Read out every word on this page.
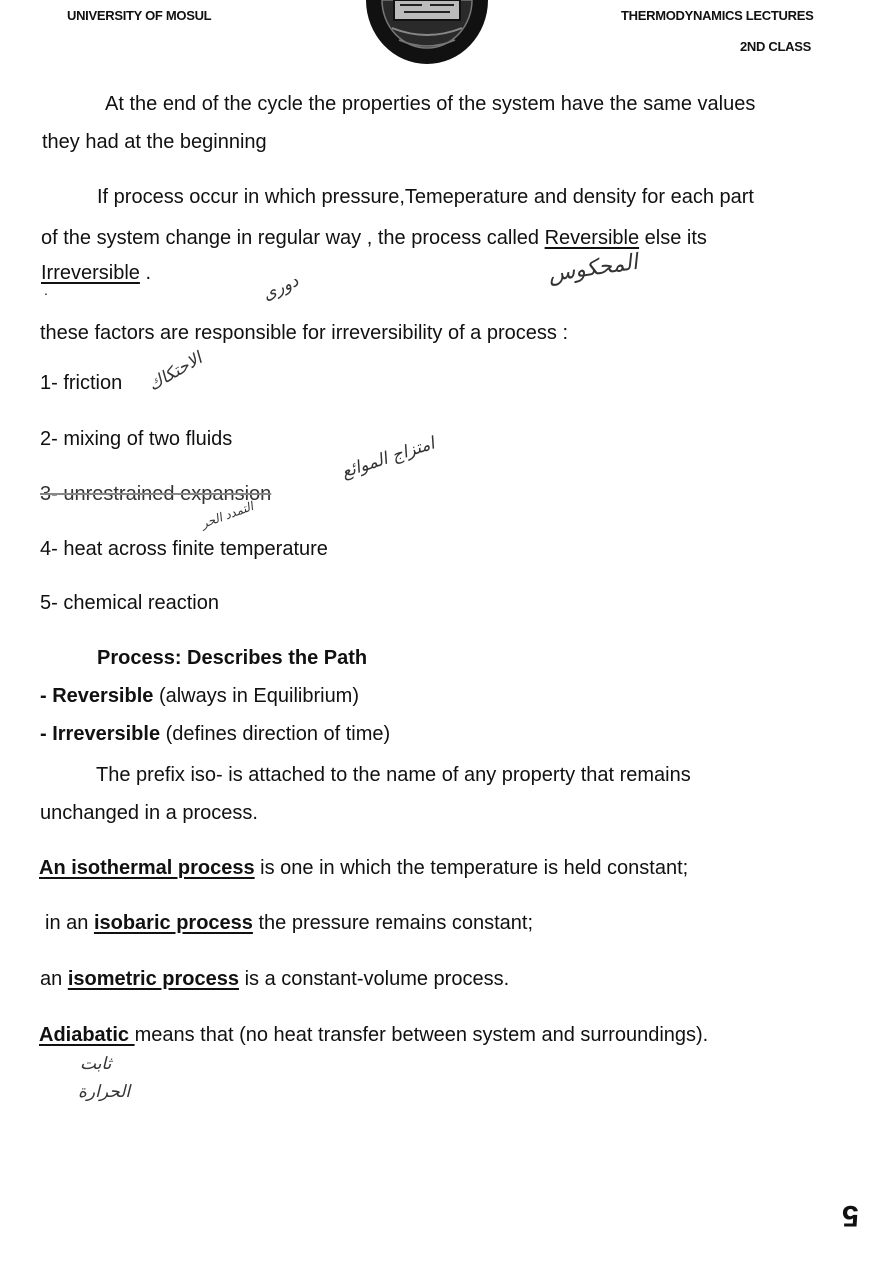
UNIVERSITY OF MOSUL	THERMODYNAMICS LECTURES
2ND CLASS
At the end of the cycle the properties of the system have the same values
they had at the beginning
If process occur in which pressure,Temeperature and density for each part
of the system change in regular way , the process called Reversible else its
Irreversible .
.
المحكوس
دورى
these factors are responsible for irreversibility of a process :
1- friction الاحتكاك
2- mixing of two fluids
3- unrestrained expansion
امتزاج الموائع
التمدد الحر
4- heat across finite temperature
5- chemical reaction
Process: Describes the Path
- Reversible (always in Equilibrium)
- Irreversible (defines direction of time)
The prefix iso- is attached to the name of any property that remains
unchanged in a process.
An isothermal process is one in which the temperature is held constant;
in an isobaric process the pressure remains constant;
an isometric process is a constant-volume process.
Adiabatic means that (no heat transfer between system and surroundings).
ثابت
الحرارة
5
